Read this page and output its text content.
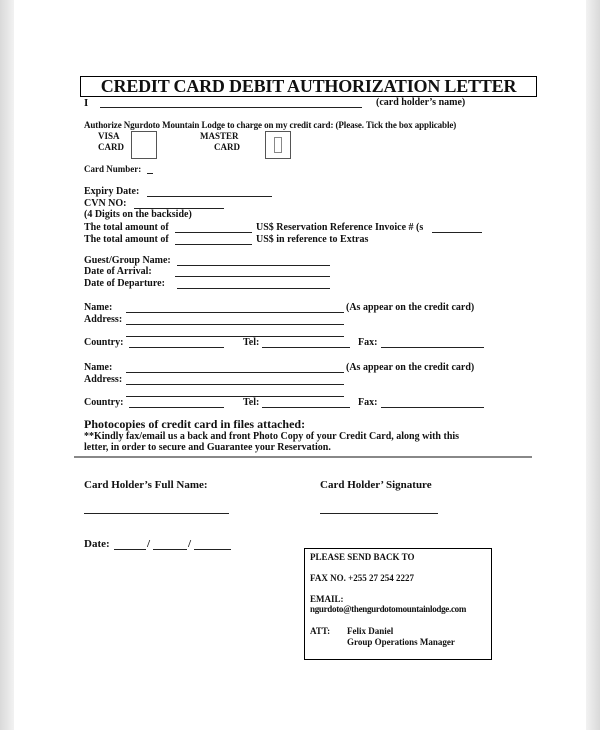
CREDIT CARD DEBIT AUTHORIZATION LETTER
I	(card holder’s name)
Authorize Ngurdoto Mountain Lodge to charge on my credit card: (Please. Tick the box applicable)
VISA
CARD
MASTER
CARD
Card Number:
Expiry Date:
CVN NO:
(4 Digits on the backside)
The total amount of	US$ Reservation Reference Invoice # (s
The total amount of	US$ in reference to Extras
Guest/Group Name:
Date of Arrival:
Date of Departure:
Name:	(As appear on the credit card)
Address:
Country:	Tel:	Fax:
Name:	(As appear on the credit card)
Address:
Country:	Tel:	Fax:
Photocopies of credit card in files attached:
**Kindly fax/email us a back and front Photo Copy of your Credit Card, along with this
letter, in order to secure and Guarantee your Reservation.
Card Holder’s Full Name:	Card Holder’ Signature
Date:	/	/
PLEASE SEND BACK TO
FAX NO. +255 27 254 2227
EMAIL:
ngurdoto@thengurdotomountainlodge.com
ATT: Felix Daniel
Group Operations Manager
